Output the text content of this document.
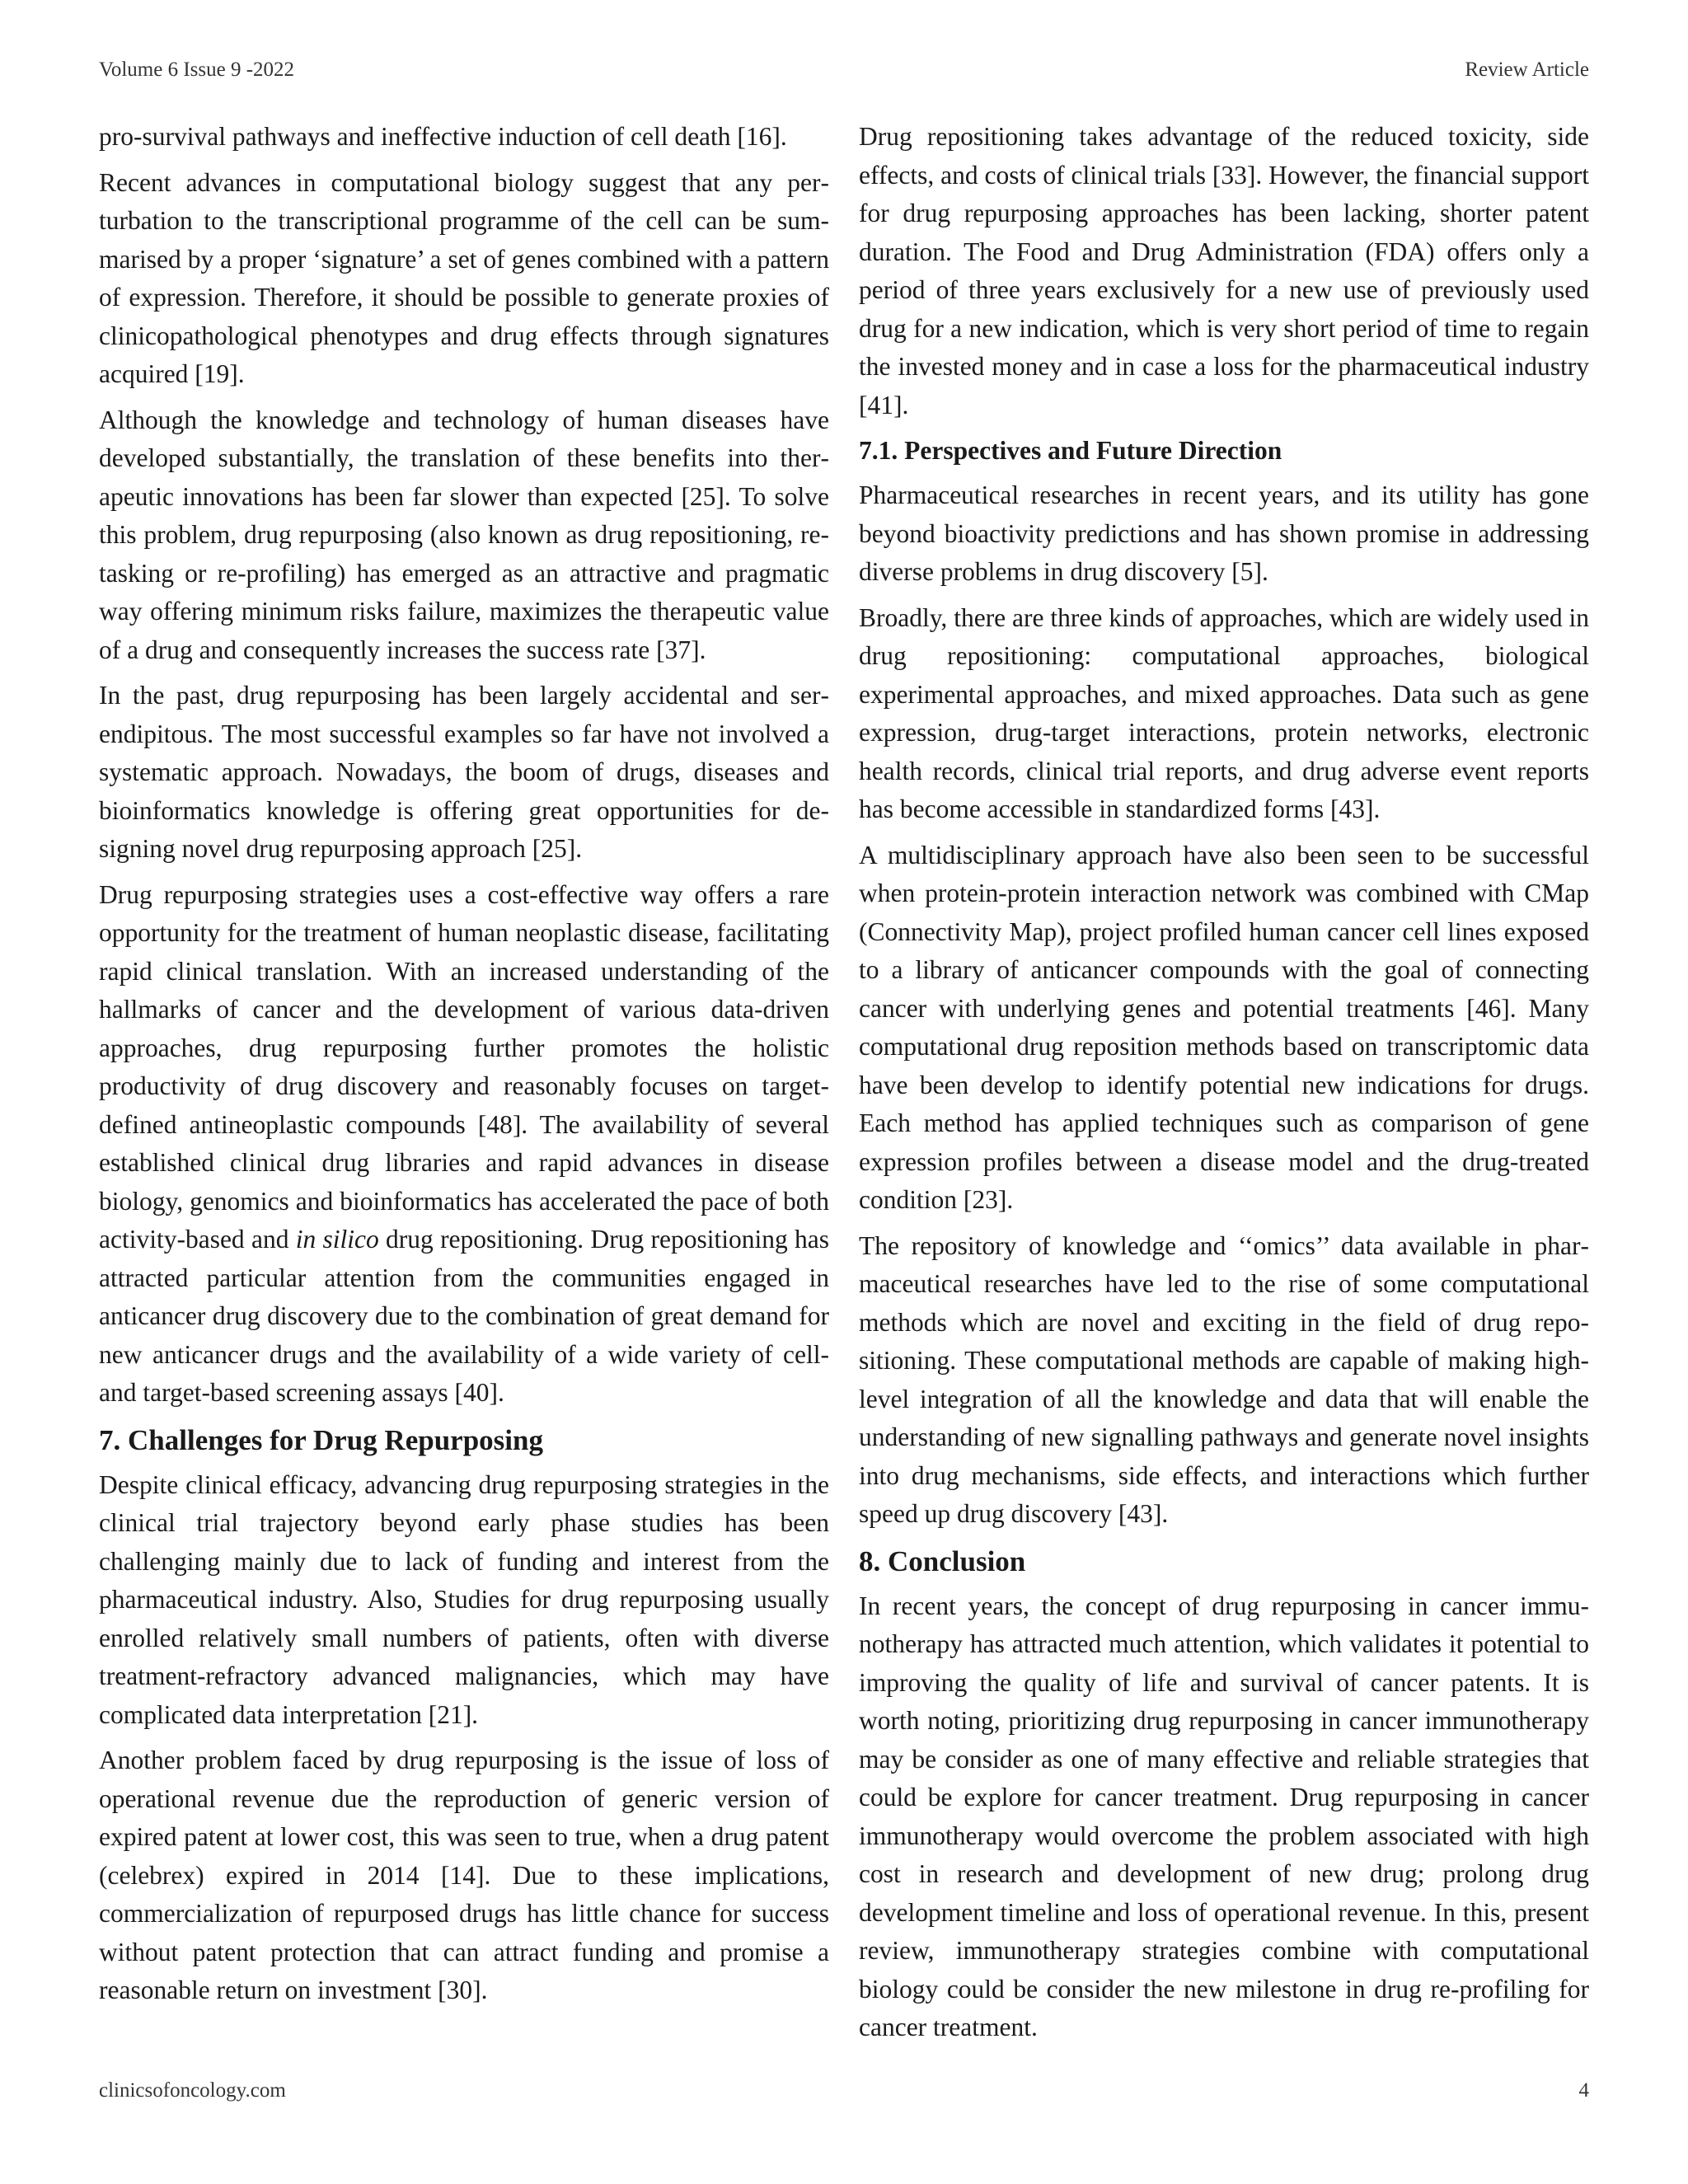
Volume 6 Issue 9 -2022	Review Article

pro-survival pathways and ineffective induction of cell death [16].

Recent advances in computational biology suggest that any perturbation to the transcriptional programme of the cell can be summarised by a proper ‘signature’ a set of genes combined with a pattern of expression. Therefore, it should be possible to generate proxies of clinicopathological phenotypes and drug effects through signatures acquired [19].

Although the knowledge and technology of human diseases have developed substantially, the translation of these benefits into therapeutic innovations has been far slower than expected [25]. To solve this problem, drug repurposing (also known as drug repositioning, re-tasking or re-profiling) has emerged as an attractive and pragmatic way offering minimum risks failure, maximizes the therapeutic value of a drug and consequently increases the success rate [37].

In the past, drug repurposing has been largely accidental and serendipitous. The most successful examples so far have not involved a systematic approach. Nowadays, the boom of drugs, diseases and bioinformatics knowledge is offering great opportunities for designing novel drug repurposing approach [25].

Drug repurposing strategies uses a cost-effective way offers a rare opportunity for the treatment of human neoplastic disease, facilitating rapid clinical translation. With an increased understanding of the hallmarks of cancer and the development of various data-driven approaches, drug repurposing further promotes the holistic productivity of drug discovery and reasonably focuses on target-defined antineoplastic compounds [48]. The availability of several established clinical drug libraries and rapid advances in disease biology, genomics and bioinformatics has accelerated the pace of both activity-based and in silico drug repositioning. Drug repositioning has attracted particular attention from the communities engaged in anticancer drug discovery due to the combination of great demand for new anticancer drugs and the availability of a wide variety of cell- and target-based screening assays [40].

7. Challenges for Drug Repurposing

Despite clinical efficacy, advancing drug repurposing strategies in the clinical trial trajectory beyond early phase studies has been challenging mainly due to lack of funding and interest from the pharmaceutical industry. Also, Studies for drug repurposing usually enrolled relatively small numbers of patients, often with diverse treatment-refractory advanced malignancies, which may have complicated data interpretation [21].

Another problem faced by drug repurposing is the issue of loss of operational revenue due the reproduction of generic version of expired patent at lower cost, this was seen to true, when a drug patent (celebrex) expired in 2014 [14]. Due to these implications, commercialization of repurposed drugs has little chance for success without patent protection that can attract funding and promise a reasonable return on investment [30].

Drug repositioning takes advantage of the reduced toxicity, side effects, and costs of clinical trials [33]. However, the financial support for drug repurposing approaches has been lacking, shorter patent duration. The Food and Drug Administration (FDA) offers only a period of three years exclusively for a new use of previously used drug for a new indication, which is very short period of time to regain the invested money and in case a loss for the pharmaceutical industry [41].

7.1. Perspectives and Future Direction

Pharmaceutical researches in recent years, and its utility has gone beyond bioactivity predictions and has shown promise in addressing diverse problems in drug discovery [5].

Broadly, there are three kinds of approaches, which are widely used in drug repositioning: computational approaches, biological experimental approaches, and mixed approaches. Data such as gene expression, drug-target interactions, protein networks, electronic health records, clinical trial reports, and drug adverse event reports has become accessible in standardized forms [43].

A multidisciplinary approach have also been seen to be successful when protein-protein interaction network was combined with CMap (Connectivity Map), project profiled human cancer cell lines exposed to a library of anticancer compounds with the goal of connecting cancer with underlying genes and potential treatments [46]. Many computational drug reposition methods based on transcriptomic data have been develop to identify potential new indications for drugs. Each method has applied techniques such as comparison of gene expression profiles between a disease model and the drug-treated condition [23].

The repository of knowledge and ‘‘omics’’ data available in pharmaceutical researches have led to the rise of some computational methods which are novel and exciting in the field of drug repositioning. These computational methods are capable of making high-level integration of all the knowledge and data that will enable the understanding of new signalling pathways and generate novel insights into drug mechanisms, side effects, and interactions which further speed up drug discovery [43].

8. Conclusion

In recent years, the concept of drug repurposing in cancer immunotherapy has attracted much attention, which validates it potential to improving the quality of life and survival of cancer patents. It is worth noting, prioritizing drug repurposing in cancer immunotherapy may be consider as one of many effective and reliable strategies that could be explore for cancer treatment. Drug repurposing in cancer immunotherapy would overcome the problem associated with high cost in research and development of new drug; prolong drug development timeline and loss of operational revenue. In this, present review, immunotherapy strategies combine with computational biology could be consider the new milestone in drug re-profiling for cancer treatment.

clinicsofoncology.com	4
